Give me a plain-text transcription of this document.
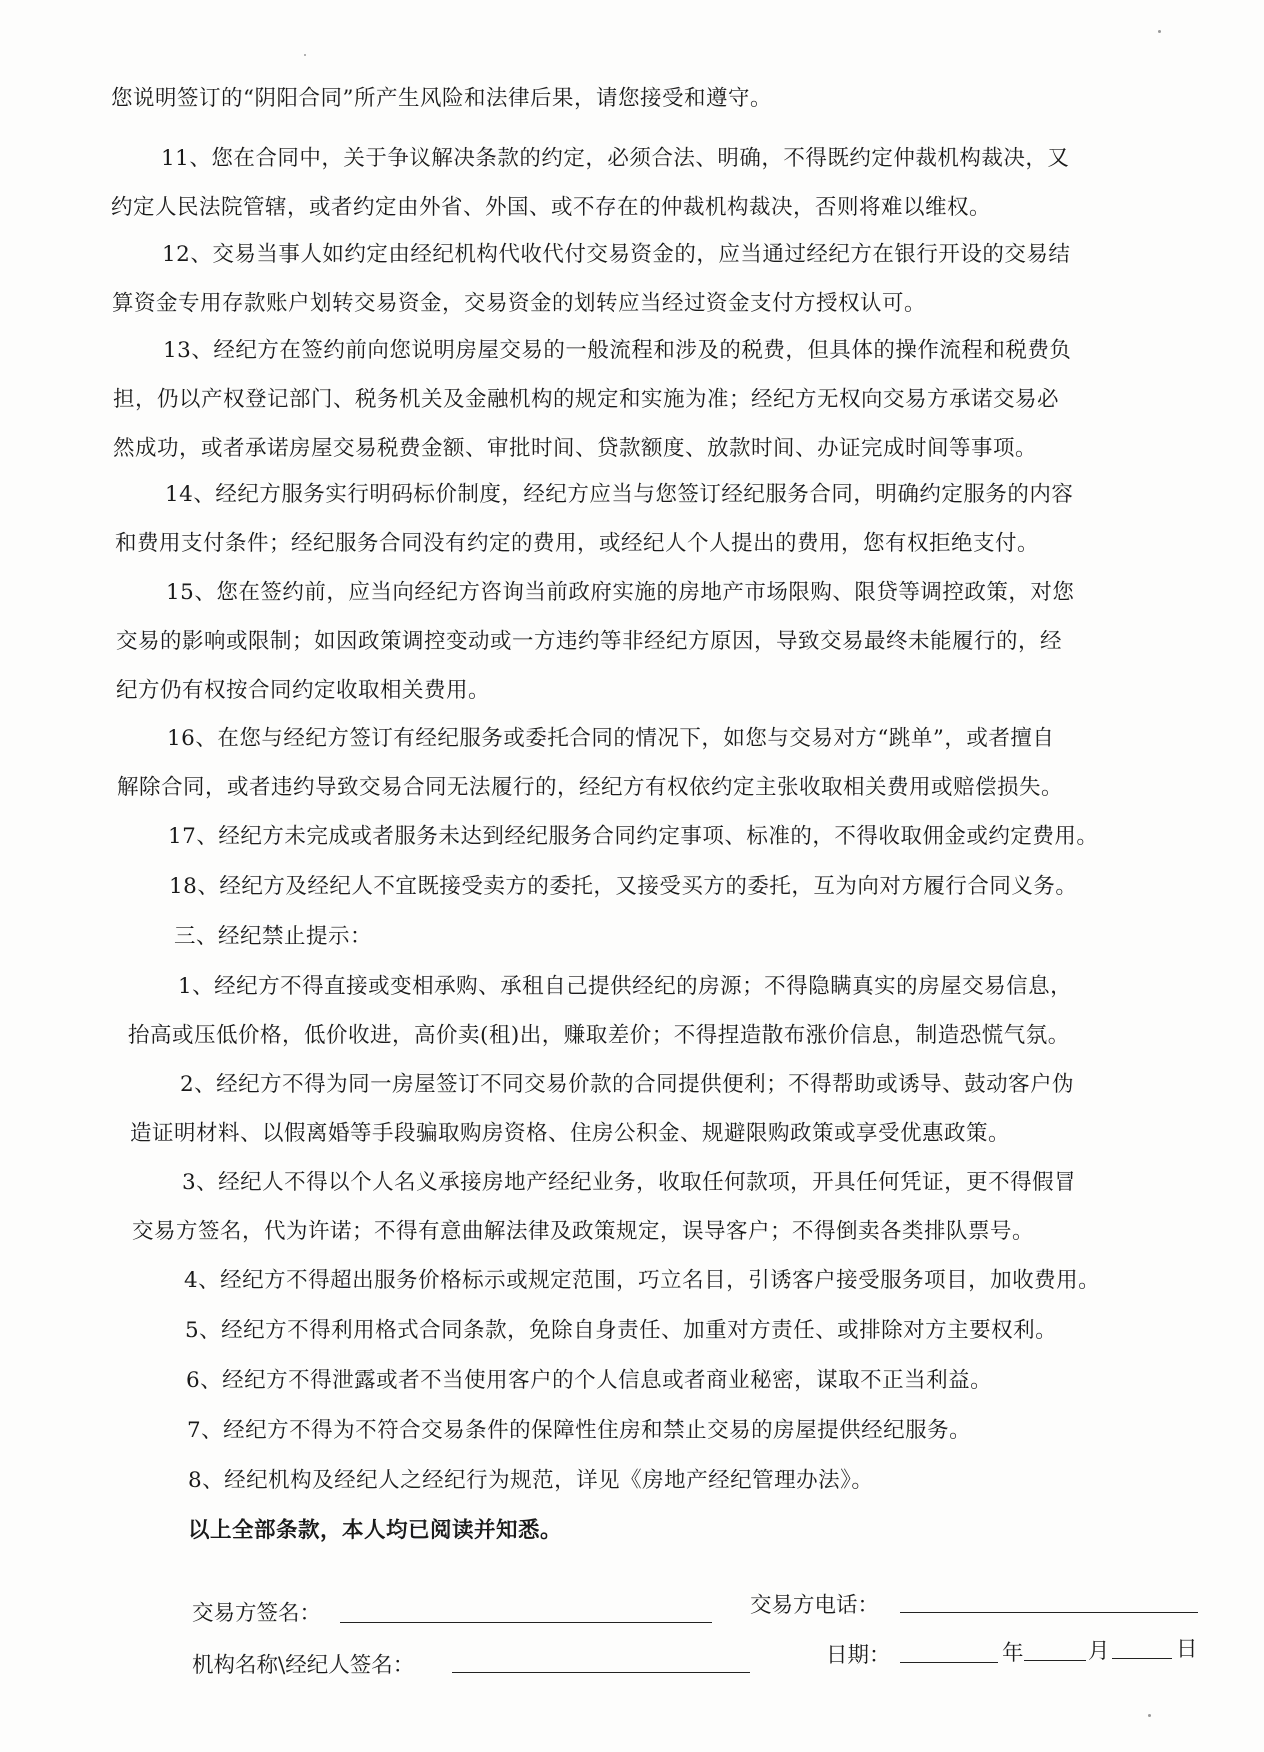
您说明签订的“阴阳合同”所产生风险和法律后果，请您接受和遵守。
11、您在合同中，关于争议解决条款的约定，必须合法、明确，不得既约定仲裁机构裁决，又
约定人民法院管辖，或者约定由外省、外国、或不存在的仲裁机构裁决，否则将难以维权。
12、交易当事人如约定由经纪机构代收代付交易资金的，应当通过经纪方在银行开设的交易结
算资金专用存款账户划转交易资金，交易资金的划转应当经过资金支付方授权认可。
13、经纪方在签约前向您说明房屋交易的一般流程和涉及的税费，但具体的操作流程和税费负
担，仍以产权登记部门、税务机关及金融机构的规定和实施为准；经纪方无权向交易方承诺交易必
然成功，或者承诺房屋交易税费金额、审批时间、贷款额度、放款时间、办证完成时间等事项。
14、经纪方服务实行明码标价制度，经纪方应当与您签订经纪服务合同，明确约定服务的内容
和费用支付条件；经纪服务合同没有约定的费用，或经纪人个人提出的费用，您有权拒绝支付。
15、您在签约前，应当向经纪方咨询当前政府实施的房地产市场限购、限贷等调控政策，对您
交易的影响或限制；如因政策调控变动或一方违约等非经纪方原因，导致交易最终未能履行的，经
纪方仍有权按合同约定收取相关费用。
16、在您与经纪方签订有经纪服务或委托合同的情况下，如您与交易对方“跳单”，或者擅自
解除合同，或者违约导致交易合同无法履行的，经纪方有权依约定主张收取相关费用或赔偿损失。
17、经纪方未完成或者服务未达到经纪服务合同约定事项、标准的，不得收取佣金或约定费用。
18、经纪方及经纪人不宜既接受卖方的委托，又接受买方的委托，互为向对方履行合同义务。
三、经纪禁止提示：
1、经纪方不得直接或变相承购、承租自己提供经纪的房源；不得隐瞒真实的房屋交易信息，
抬高或压低价格，低价收进，高价卖(租)出，赚取差价；不得捏造散布涨价信息，制造恐慌气氛。
2、经纪方不得为同一房屋签订不同交易价款的合同提供便利；不得帮助或诱导、鼓动客户伪
造证明材料、以假离婚等手段骗取购房资格、住房公积金、规避限购政策或享受优惠政策。
3、经纪人不得以个人名义承接房地产经纪业务，收取任何款项，开具任何凭证，更不得假冒
交易方签名，代为许诺；不得有意曲解法律及政策规定，误导客户；不得倒卖各类排队票号。
4、经纪方不得超出服务价格标示或规定范围，巧立名目，引诱客户接受服务项目，加收费用。
5、经纪方不得利用格式合同条款，免除自身责任、加重对方责任、或排除对方主要权利。
6、经纪方不得泄露或者不当使用客户的个人信息或者商业秘密，谋取不正当利益。
7、经纪方不得为不符合交易条件的保障性住房和禁止交易的房屋提供经纪服务。
8、经纪机构及经纪人之经纪行为规范，详见《房地产经纪管理办法》。
以上全部条款，本人均已阅读并知悉。
交易方签名：	交易方电话：
机构名称\经纪人签名：	日期：	年	月	日
